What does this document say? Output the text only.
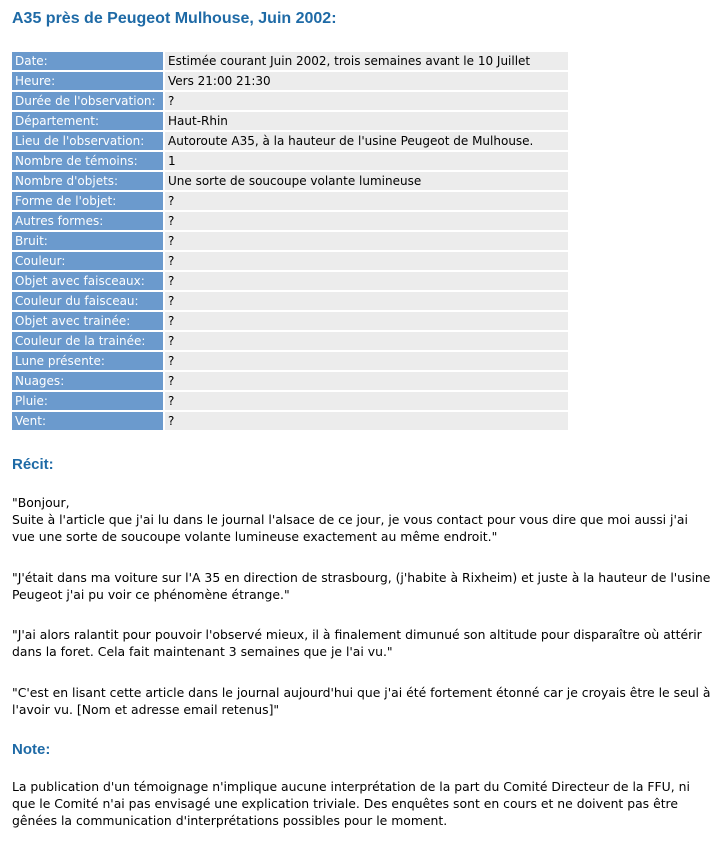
A35 près de Peugeot Mulhouse, Juin 2002:
Date:	Estimée courant Juin 2002, trois semaines avant le 10 Juillet
Heure:	Vers 21:00 21:30
Durée de l'observation:	?
Département:	Haut-Rhin
Lieu de l'observation:	Autoroute A35, à la hauteur de l'usine Peugeot de Mulhouse.
Nombre de témoins:	1
Nombre d'objets:	Une sorte de soucoupe volante lumineuse
Forme de l'objet:	?
Autres formes:	?
Bruit:	?
Couleur:	?
Objet avec faisceaux:	?
Couleur du faisceau:	?
Objet avec trainée:	?
Couleur de la trainée:	?
Lune présente:	?
Nuages:	?
Pluie:	?
Vent:	?
Récit:

"Bonjour,
Suite à l'article que j'ai lu dans le journal l'alsace de ce jour, je vous contact pour vous dire que moi aussi j'ai vue une sorte de soucoupe volante lumineuse exactement au même endroit."

"J'était dans ma voiture sur l'A 35 en direction de strasbourg, (j'habite à Rixheim) et juste à la hauteur de l'usine Peugeot j'ai pu voir ce phénomène étrange."

"J'ai alors ralantit pour pouvoir l'observé mieux, il à finalement dimunué son altitude pour disparaître où attérir dans la foret. Cela fait maintenant 3 semaines que je l'ai vu."

"C'est en lisant cette article dans le journal aujourd'hui que j'ai été fortement étonné car je croyais être le seul à l'avoir vu. [Nom et adresse email retenus]"

Note:

La publication d'un témoignage n'implique aucune interprétation de la part du Comité Directeur de la FFU, ni que le Comité n'ai pas envisagé une explication triviale. Des enquêtes sont en cours et ne doivent pas être gênées la communication d'interprétations possibles pour le moment.
